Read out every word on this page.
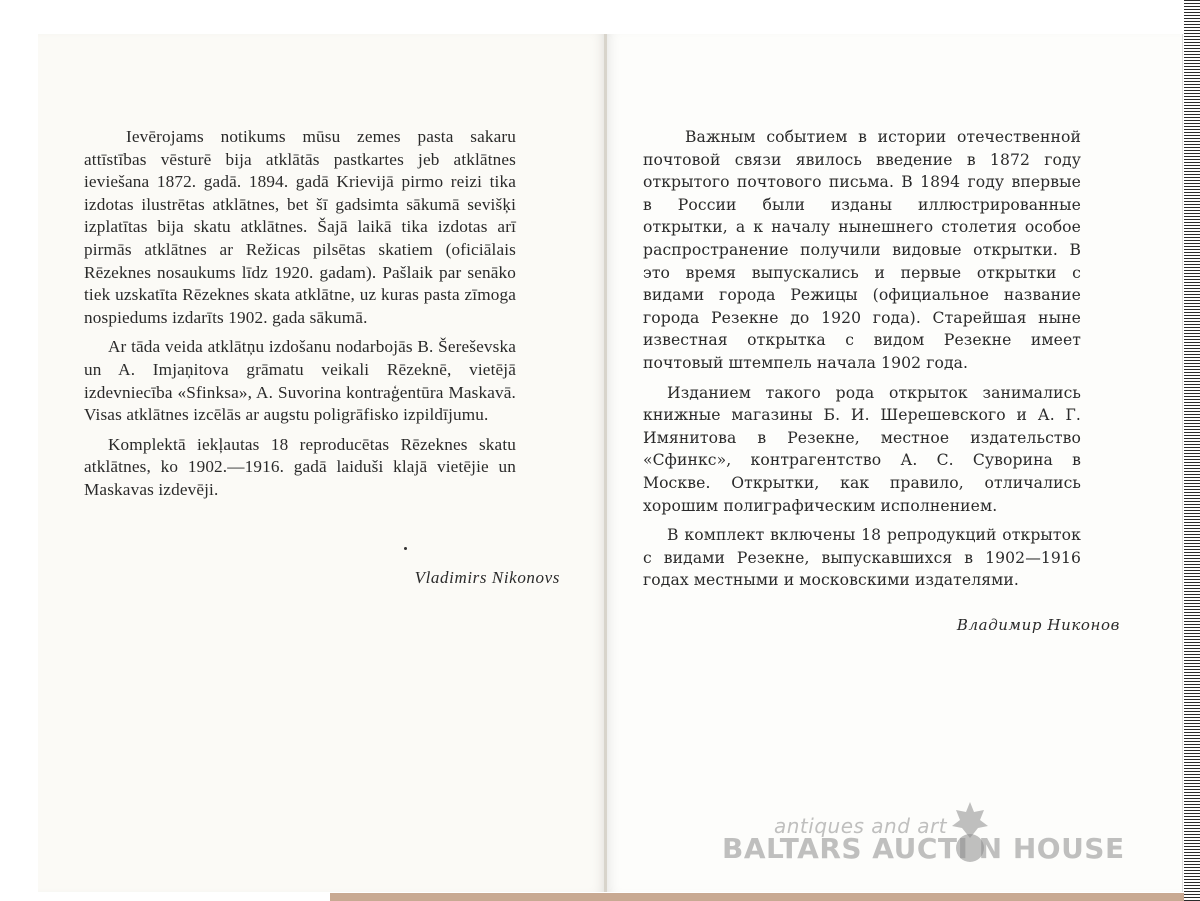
Ievērojams notikums mūsu zemes pasta sakaru attīstības vēsturē bija atklātās pastkartes jeb atklātnes ieviešana 1872. gadā. 1894. gadā Krievijā pirmo reizi tika izdotas ilustrētas atklātnes, bet šī gadsimta sākumā sevišķi izplatītas bija skatu atklātnes. Šajā laikā tika izdotas arī pirmās atklātnes ar Režicas pilsētas skatiem (oficiālais Rēzeknes nosaukums līdz 1920. gadam). Pašlaik par senāko tiek uzskatīta Rēzeknes skata atklātne, uz kuras pasta zīmoga nospiedums izdarīts 1902. gada sākumā.

Ar tāda veida atklātņu izdošanu nodarbojās B. Šereševska un A. Imjaņitova grāmatu veikali Rēzeknē, vietējā izdevniecība «Sfinksa», A. Suvorina kontraģentūra Maskavā. Visas atklātnes izcēlās ar augstu poligrāfisko izpildījumu.

Komplektā iekļautas 18 reproducētas Rēzeknes skatu atklātnes, ko 1902.—1916. gadā laiduši klajā vietējie un Maskavas izdevēji.

Vladimirs Nikonovs

Важным событием в истории отечественной почтовой связи явилось введение в 1872 году открытого почтового письма. В 1894 году впервые в России были изданы иллюстрированные открытки, а к началу нынешнего столетия особое распространение получили видовые открытки. В это время выпускались и первые открытки с видами города Режицы (официальное название города Резекне до 1920 года). Старейшая ныне известная открытка с видом Резекне имеет почтовый штемпель начала 1902 года.

Изданием такого рода открыток занимались книжные магазины Б. И. Шерешевского и А. Г. Имянитова в Резекне, местное издательство «Сфинкс», контрагентство А. С. Суворина в Москве. Открытки, как правило, отличались хорошим полиграфическим исполнением.

В комплект включены 18 репродукций открыток с видами Резекне, выпускавшихся в 1902—1916 годах местными и московскими издателями.

Владимир Никонов
antiques and art
BALTARS AUCTI N HOUSE
